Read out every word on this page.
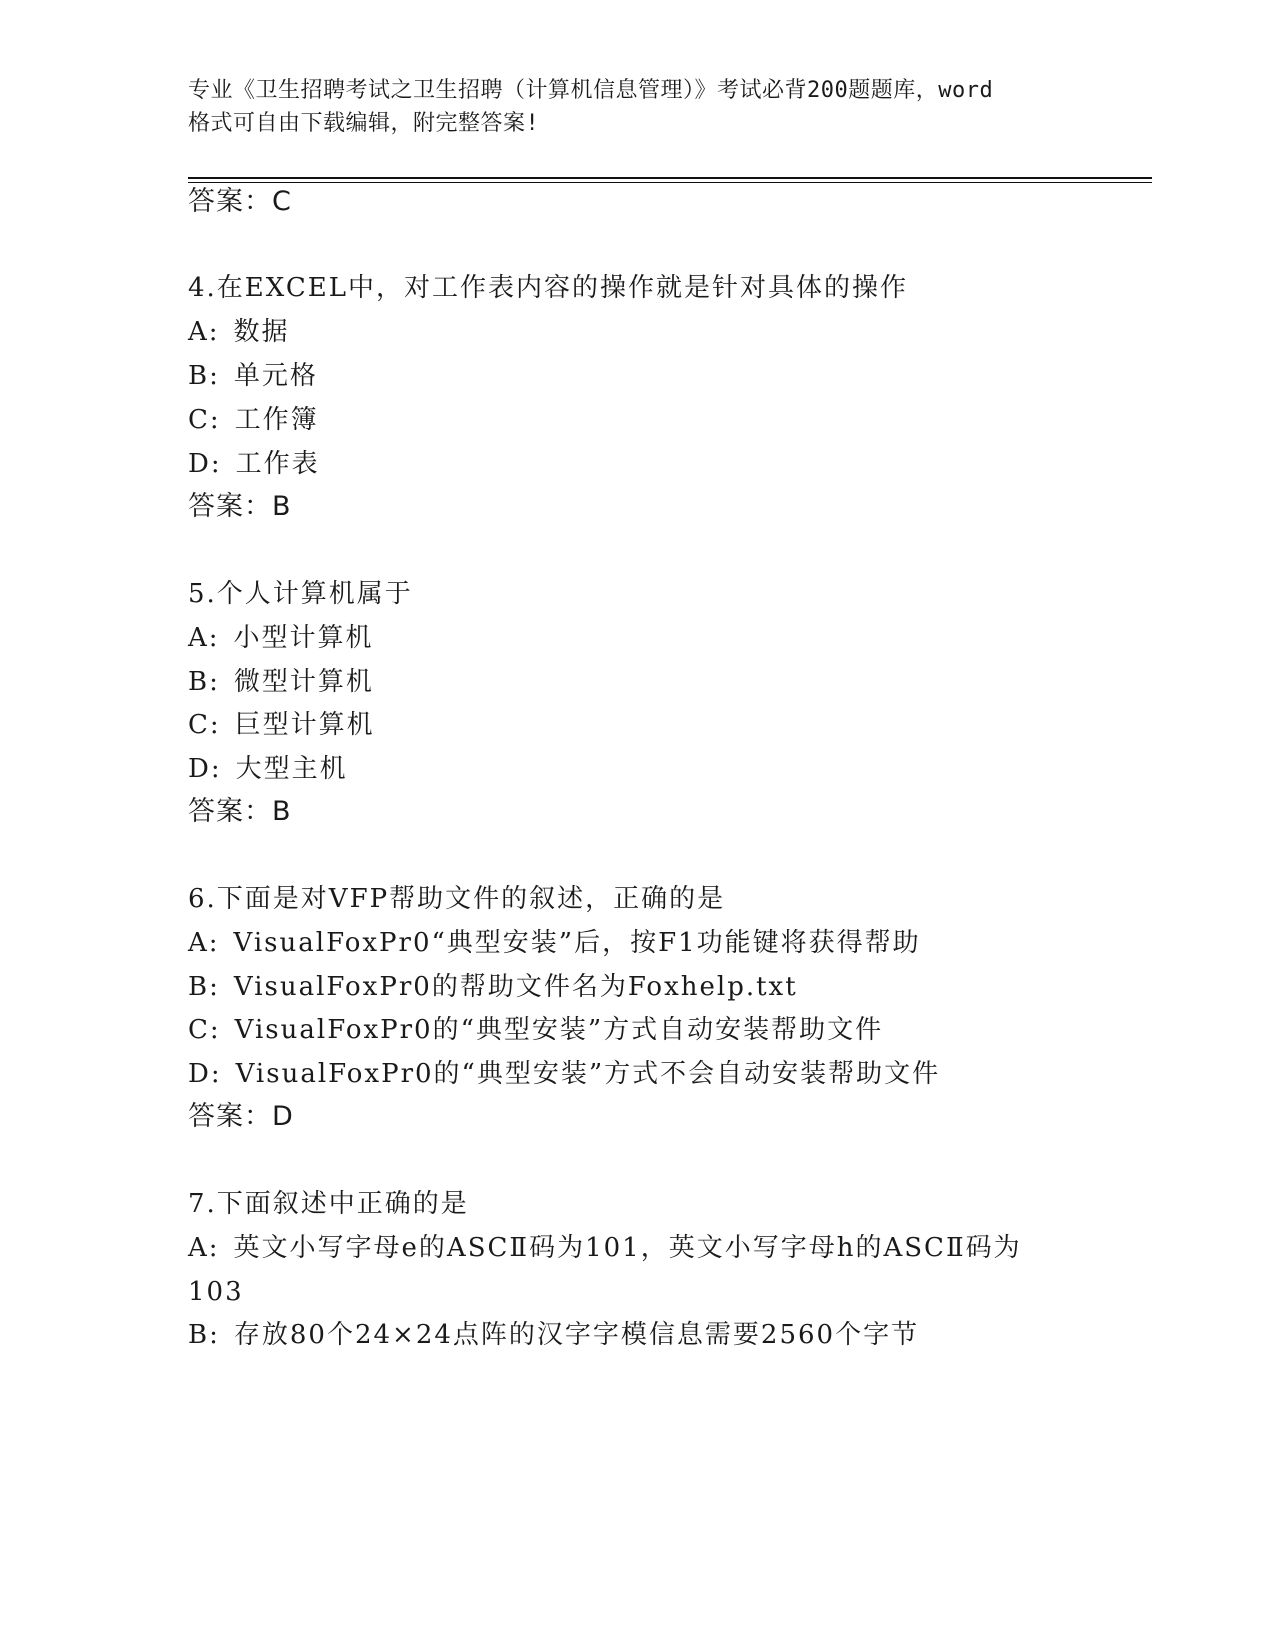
专业《卫生招聘考试之卫生招聘（计算机信息管理）》考试必背200题题库，word
格式可自由下载编辑，附完整答案!
答案：C
4.在EXCEL中，对工作表内容的操作就是针对具体的操作
A: 数据
B: 单元格
C: 工作簿
D: 工作表
答案：B
5.个人计算机属于
A: 小型计算机
B: 微型计算机
C: 巨型计算机
D: 大型主机
答案：B
6.下面是对VFP帮助文件的叙述，正确的是
A: VisualFoxPr0“典型安装”后，按F1功能键将获得帮助
B: VisualFoxPr0的帮助文件名为Foxhelp.txt
C: VisualFoxPr0的“典型安装”方式自动安装帮助文件
D: VisualFoxPr0的“典型安装”方式不会自动安装帮助文件
答案：D
7.下面叙述中正确的是
A: 英文小写字母e的ASCⅡ码为101，英文小写字母h的ASCⅡ码为
103
B: 存放80个24×24点阵的汉字字模信息需要2560个字节
